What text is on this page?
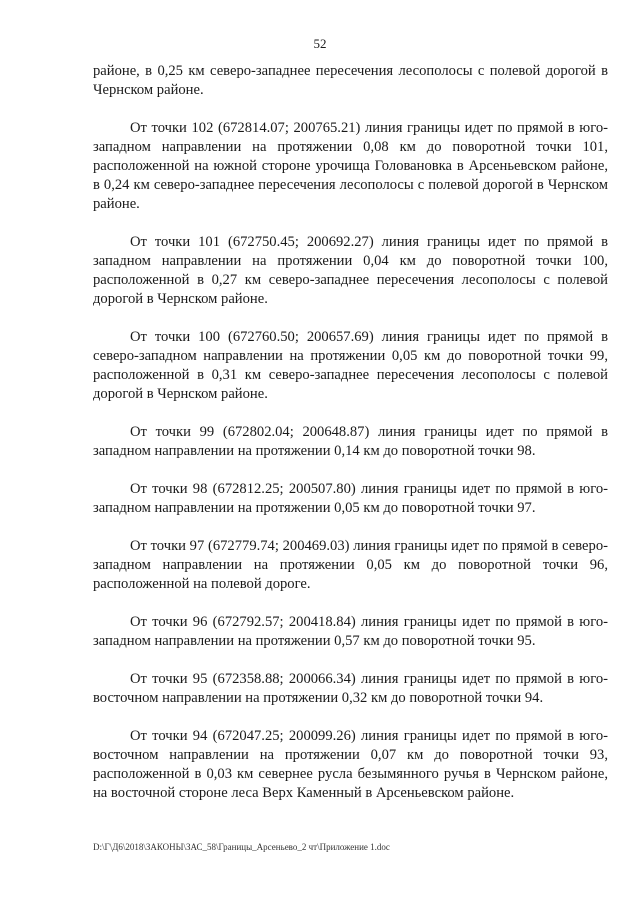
52

районе, в 0,25 км северо-западнее пересечения лесополосы с полевой дорогой в Чернском районе.

От точки 102 (672814.07; 200765.21) линия границы идет по прямой в юго-западном направлении на протяжении 0,08 км до поворотной точки 101, расположенной на южной стороне урочища Головановка в Арсеньевском районе, в 0,24 км северо-западнее пересечения лесополосы с полевой дорогой в Чернском районе.

От точки 101 (672750.45; 200692.27) линия границы идет по прямой в западном направлении на протяжении 0,04 км до поворотной точки 100, расположенной в 0,27 км северо-западнее пересечения лесополосы с полевой дорогой в Чернском районе.

От точки 100 (672760.50; 200657.69) линия границы идет по прямой в северо-западном направлении на протяжении 0,05 км до поворотной точки 99, расположенной в 0,31 км северо-западнее пересечения лесополосы с полевой дорогой в Чернском районе.

От точки 99 (672802.04; 200648.87) линия границы идет по прямой в западном направлении на протяжении 0,14 км до поворотной точки 98.

От точки 98 (672812.25; 200507.80) линия границы идет по прямой в юго-западном направлении на протяжении 0,05 км до поворотной точки 97.

От точки 97 (672779.74; 200469.03) линия границы идет по прямой в северо-западном направлении на протяжении 0,05 км до поворотной точки 96, расположенной на полевой дороге.

От точки 96 (672792.57; 200418.84) линия границы идет по прямой в юго-западном направлении на протяжении 0,57 км до поворотной точки 95.

От точки 95 (672358.88; 200066.34) линия границы идет по прямой в юго-восточном направлении на протяжении 0,32 км до поворотной точки 94.

От точки 94 (672047.25; 200099.26) линия границы идет по прямой в юго-восточном направлении на протяжении 0,07 км до поворотной точки 93, расположенной в 0,03 км севернее русла безымянного ручья в Чернском районе, на восточной стороне леса Верх Каменный в Арсеньевском районе.

D:\Г\Д6\2018\ЗАКОНЫ\ЗАС_58\Границы_Арсеньево_2 чт\Приложение 1.doc
